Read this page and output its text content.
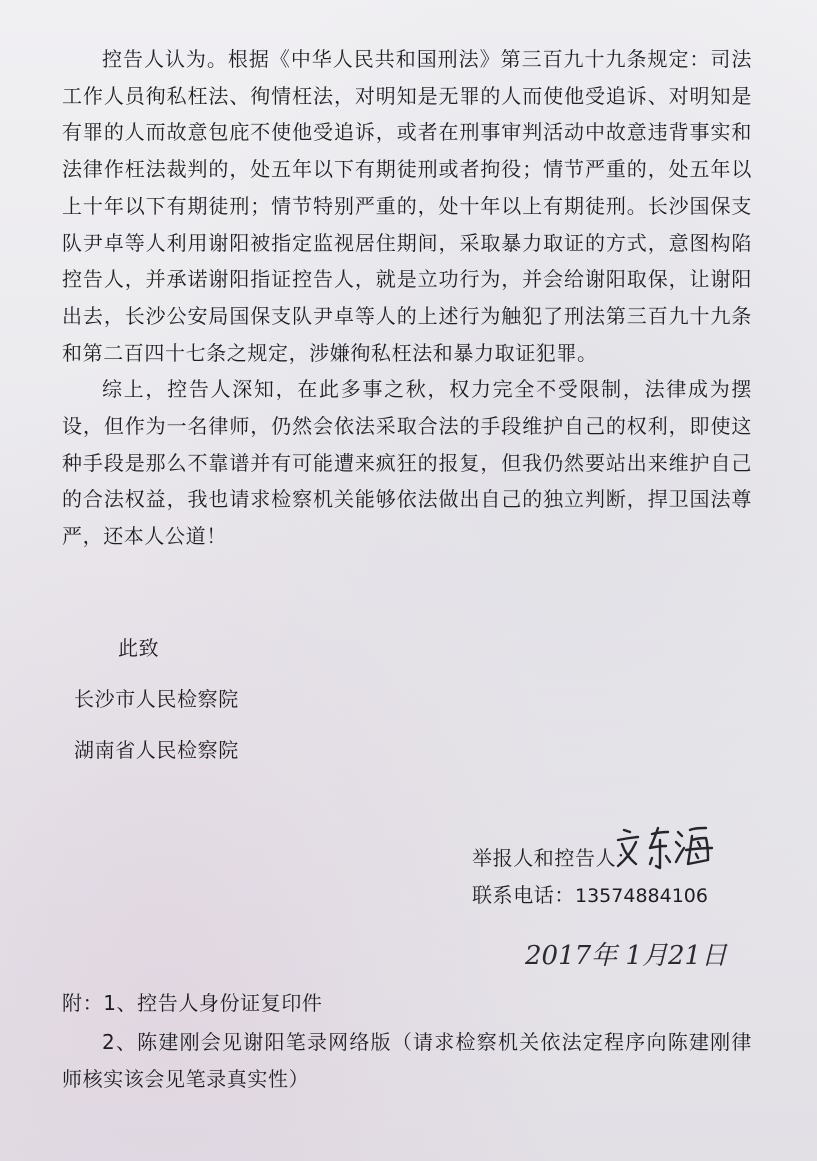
控告人认为。根据《中华人民共和国刑法》第三百九十九条规定：司法工作人员徇私枉法、徇情枉法，对明知是无罪的人而使他受追诉、对明知是有罪的人而故意包庇不使他受追诉，或者在刑事审判活动中故意违背事实和法律作枉法裁判的，处五年以下有期徒刑或者拘役；情节严重的，处五年以上十年以下有期徒刑；情节特别严重的，处十年以上有期徒刑。长沙国保支队尹卓等人利用谢阳被指定监视居住期间，采取暴力取证的方式，意图构陷控告人，并承诺谢阳指证控告人，就是立功行为，并会给谢阳取保，让谢阳出去，长沙公安局国保支队尹卓等人的上述行为触犯了刑法第三百九十九条和第二百四十七条之规定，涉嫌徇私枉法和暴力取证犯罪。

综上，控告人深知，在此多事之秋，权力完全不受限制，法律成为摆设，但作为一名律师，仍然会依法采取合法的手段维护自己的权利，即使这种手段是那么不靠谱并有可能遭来疯狂的报复，但我仍然要站出来维护自己的合法权益，我也请求检察机关能够依法做出自己的独立判断，捍卫国法尊严，还本人公道！

此致
长沙市人民检察院
湖南省人民检察院
举报人和控告人：
联系电话：13574884106
2017年 1月21日
附：1、控告人身份证复印件
2、陈建刚会见谢阳笔录网络版（请求检察机关依法定程序向陈建刚律师核实该会见笔录真实性）
